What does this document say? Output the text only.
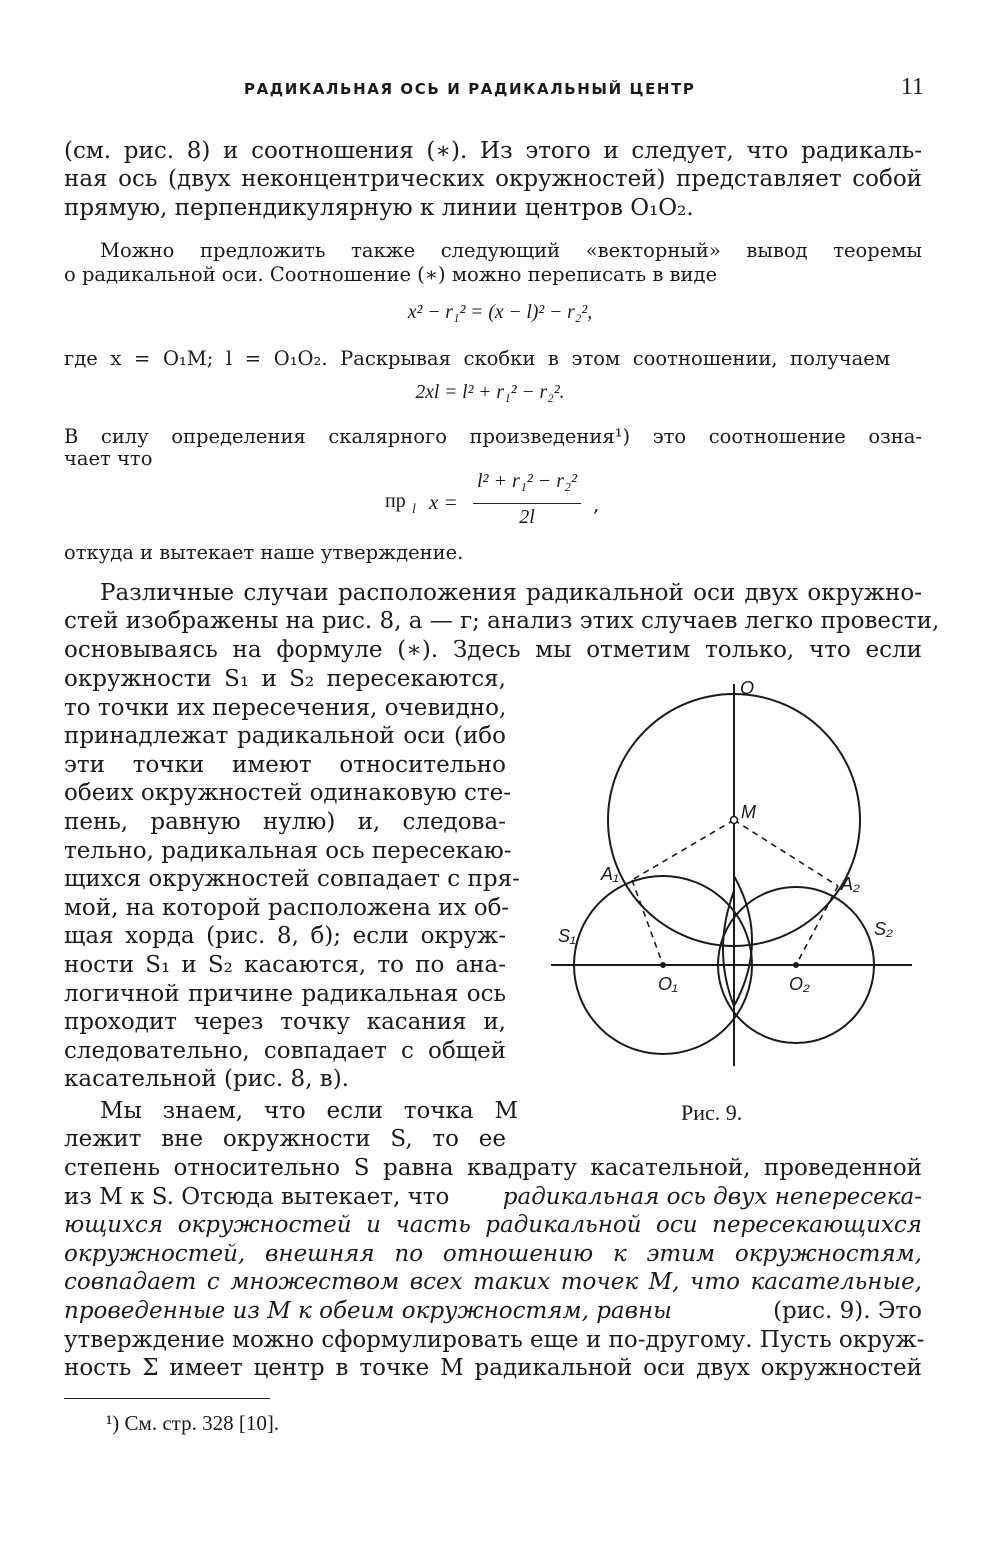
РАДИКАЛЬНАЯ ОСЬ И РАДИКАЛЬНЫЙ ЦЕНТР	11
(см. рис. 8) и соотношения (∗). Из этого и следует, что радикаль-
ная ось (двух неконцентрических окружностей) представляет собой
прямую, перпендикулярную к линии центров O₁O₂.
Можно предложить также следующий «векторный» вывод теоремы
о радикальной оси. Соотношение (∗) можно переписать в виде
x² − r₁² = (x − l)² − r₂²,
где x = O₁M; l = O₁O₂. Раскрывая скобки в этом соотношении, получаем
2xl = l² + r₁² − r₂².
В силу определения скалярного произведения¹) это соотношение озна-
чает что
пр l x =
l² + r₁² − r₂²
2l
,
откуда и вытекает наше утверждение.
Различные случаи расположения радикальной оси двух окружно-
стей изображены на рис. 8, а — г; анализ этих случаев легко провести,
основываясь на формуле (∗). Здесь мы отметим только, что если
окружности S₁ и S₂ пересекаются,
то точки их пересечения, очевидно,
принадлежат радикальной оси (ибо
эти точки имеют относительно
обеих окружностей одинаковую сте-
пень, равную нулю) и, следова-
тельно, радикальная ось пересекаю-
щихся окружностей совпадает с пря-
мой, на которой расположена их об-
щая хорда (рис. 8, б); если окруж-
ности S₁ и S₂ касаются, то по ана-
логичной причине радикальная ось
проходит через точку касания и,
следовательно, совпадает с общей
касательной (рис. 8, в).
Мы знаем, что если точка M
лежит вне окружности S, то ее
степень относительно S равна квадрату касательной, проведенной
из M к S. Отсюда вытекает, что радикальная ось двух непересека-
ющихся окружностей и часть радикальной оси пересекающихся
окружностей, внешняя по отношению к этим окружностям,
совпадает с множеством всех таких точек M, что касательные,
проведенные из M к обеим окружностям, равны	(рис. 9). Это
утверждение можно сформулировать еще и по-другому. Пусть окруж-
ность Σ имеет центр в точке M радикальной оси двух окружностей
O
M
A₁	A₂
S₁	S₂
O₁	O₂
Рис. 9.
¹) См. стр. 328 [10].
